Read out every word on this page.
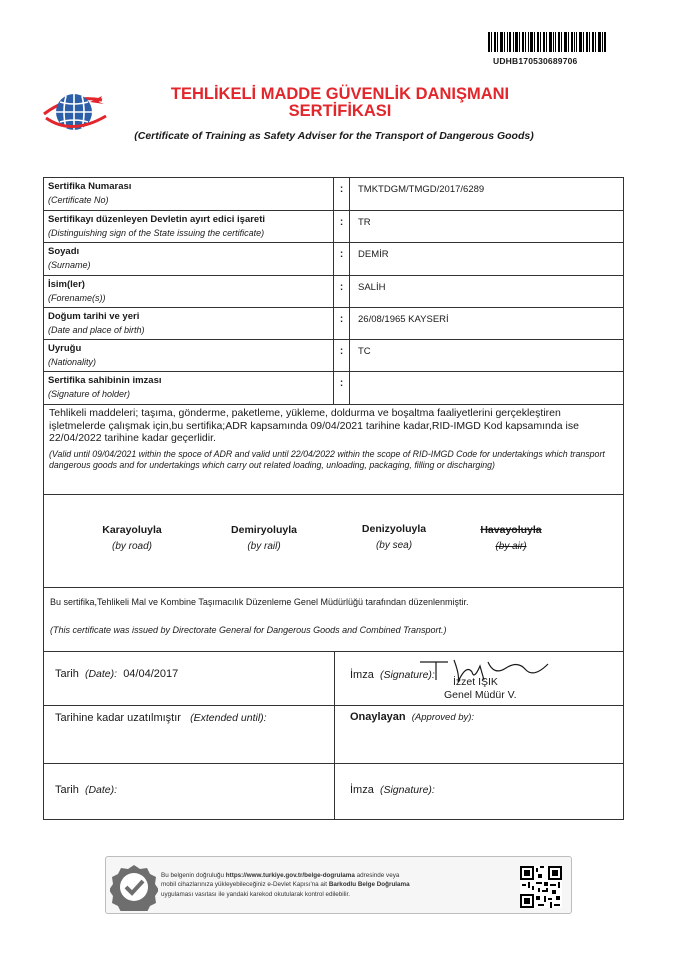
UDHB170530689706
TEHLİKELİ MADDE GÜVENLİK DANIŞMANI
SERTİFİKASI
(Certificate of Training as Safety Adviser for the Transport of Dangerous Goods)
Sertifika Numarası
(Certificate No)
:	TMKTDGM/TMGD/2017/6289
Sertifikayı düzenleyen Devletin ayırt edici işareti
(Distinguishing sign of the State issuing the certificate)
:	TR
Soyadı
(Surname)
:	DEMİR
İsim(ler)
(Forename(s))
:	SALİH
Doğum tarihi ve yeri
(Date and place of birth)
:	26/08/1965 KAYSERİ
Uyruğu
(Nationality)
:	TC
Sertifika sahibinin imzası
(Signature of holder)
:
Tehlikeli maddeleri; taşıma, gönderme, paketleme, yükleme, doldurma ve boşaltma faaliyetlerini gerçekleştiren işletmelerde çalışmak için,bu sertifika;ADR kapsamında 09/04/2021 tarihine kadar,RID-IMGD Kod kapsamında ise 22/04/2022 tarihine kadar geçerlidir.
(Valid until 09/04/2021 within the spoce of ADR and valid until 22/04/2022 within the scope of RID-IMGD Code for undertakings which transport dangerous goods and for undertakings which carry out related loading, unloading, packaging, filling or discharging)
Karayoluyla
(by road)
Demiryoluyla
(by rail)
Denizyoluyla
(by sea)
Havayoluyla
(by air)
Bu sertifika,Tehlikeli Mal ve Kombine Taşımacılık Düzenleme Genel Müdürlüğü tarafından düzenlenmiştir.
(This certificate was issued by Directorate General for Dangerous Goods and Combined Transport.)
Tarih (Date): 04/04/2017	İmza (Signature):
Tarihine kadar uzatılmıştır (Extended until):	Onaylayan (Approved by):
Tarih (Date):	İmza (Signature):
İzzet IŞIK
Genel Müdür V.
Bu belgenin doğruluğu https://www.turkiye.gov.tr/belge-dogrulama adresinde veya
mobil cihazlarınıza yükleyebileceğiniz e-Devlet Kapısı'na ait Barkodlu Belge Doğrulama
uygulaması vasıtası ile yandaki karekod okutularak kontrol edilebilir.
